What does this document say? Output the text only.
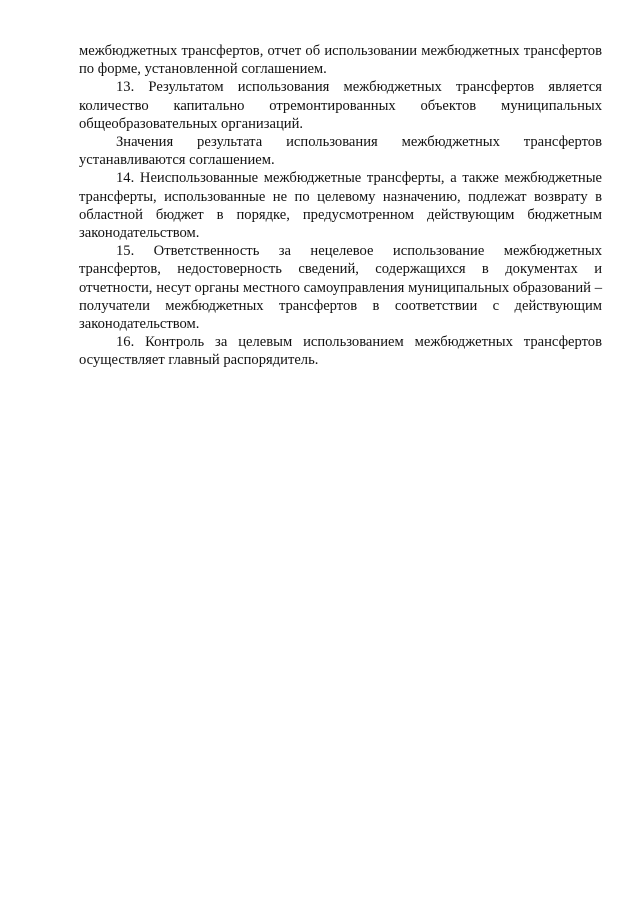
межбюджетных трансфертов, отчет об использовании межбюджетных трансфертов по форме, установленной соглашением.

13. Результатом использования межбюджетных трансфертов является количество капитально отремонтированных объектов муниципальных общеобразовательных организаций.

Значения результата использования межбюджетных трансфертов устанавливаются соглашением.

14. Неиспользованные межбюджетные трансферты, а также межбюджетные трансферты, использованные не по целевому назначению, подлежат возврату в областной бюджет в порядке, предусмотренном действующим бюджетным законодательством.

15. Ответственность за нецелевое использование межбюджетных трансфертов, недостоверность сведений, содержащихся в документах и отчетности, несут органы местного самоуправления муниципальных образований – получатели межбюджетных трансфертов в соответствии с действующим законодательством.

16. Контроль за целевым использованием межбюджетных трансфертов осуществляет главный распорядитель.
